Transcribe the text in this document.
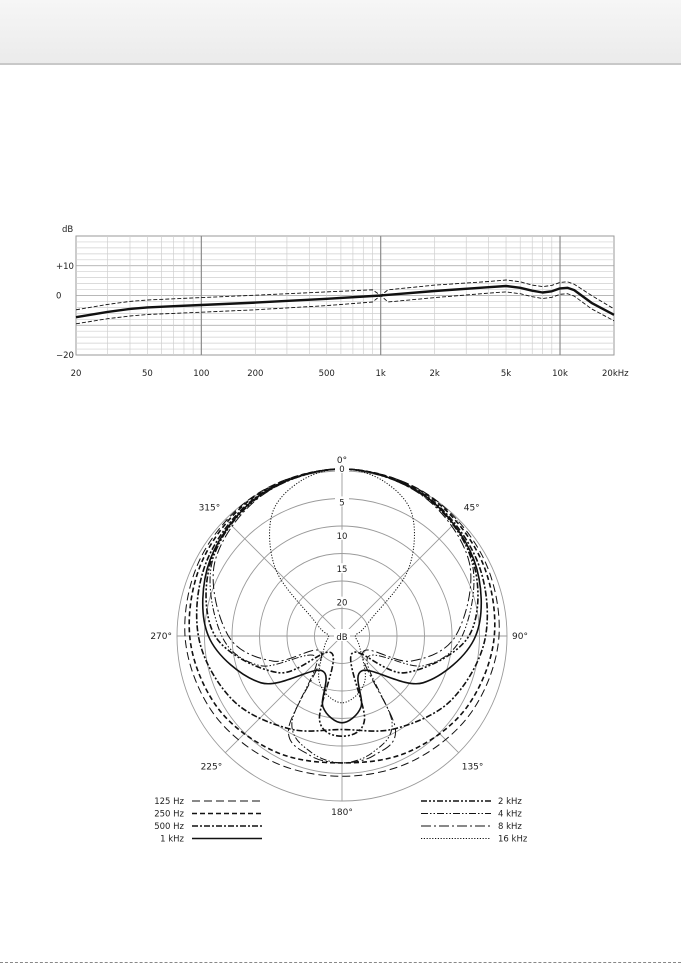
dB
+10
0
−20
20	50	100	200	500	1k	2k	5k	10k	20kHz
0
5
10
15
20
dB
0°
45°
90°
135°
180°
225°
270°
315°
125 Hz
250 Hz
500 Hz
1 kHz
2 kHz
4 kHz
8 kHz
16 kHz
